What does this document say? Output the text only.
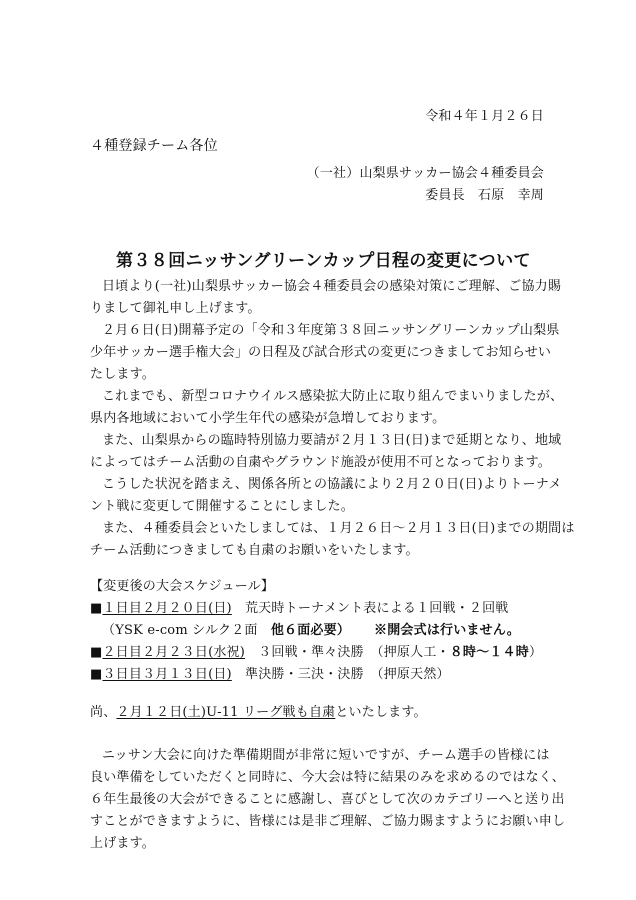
令和４年１月２６日
４種登録チーム各位
（一社）山梨県サッカー協会４種委員会
委員長　石原　幸周
第３８回ニッサングリーンカップ日程の変更について
日頃より(一社)山梨県サッカー協会４種委員会の感染対策にご理解、ご協力賜
りまして御礼申し上げます。
２月６日(日)開幕予定の「令和３年度第３８回ニッサングリーンカップ山梨県
少年サッカー選手権大会」の日程及び試合形式の変更につきましてお知らせい
たします。
これまでも、新型コロナウイルス感染拡大防止に取り組んでまいりましたが、
県内各地域において小学生年代の感染が急増しております。
また、山梨県からの臨時特別協力要請が２月１３日(日)まで延期となり、地域
によってはチーム活動の自粛やグラウンド施設が使用不可となっております。
こうした状況を踏まえ、関係各所との協議により２月２０日(日)よりトーナメ
ント戦に変更して開催することにしました。
また、４種委員会といたしましては、１月２６日～２月１３日(日)までの期間は
チーム活動につきましても自粛のお願いをいたします。
【変更後の大会スケジュール】
■１日目２月２０日(日)　荒天時トーナメント表による１回戦・２回戦
（YSK e-com シルク２面　他６面必要） ※開会式は行いません。
■２日目２月２３日(水祝)　３回戦・準々決勝　（押原人工・８時～１４時）
■３日目３月１３日(日)　準決勝・三決・決勝　（押原天然）
尚、２月１２日(土)U-11 リーグ戦も自粛といたします。
ニッサン大会に向けた準備期間が非常に短いですが、チーム選手の皆様には
良い準備をしていただくと同時に、今大会は特に結果のみを求めるのではなく、
６年生最後の大会ができることに感謝し、喜びとして次のカテゴリーへと送り出
すことができますように、皆様には是非ご理解、ご協力賜ますようにお願い申し
上げます。
